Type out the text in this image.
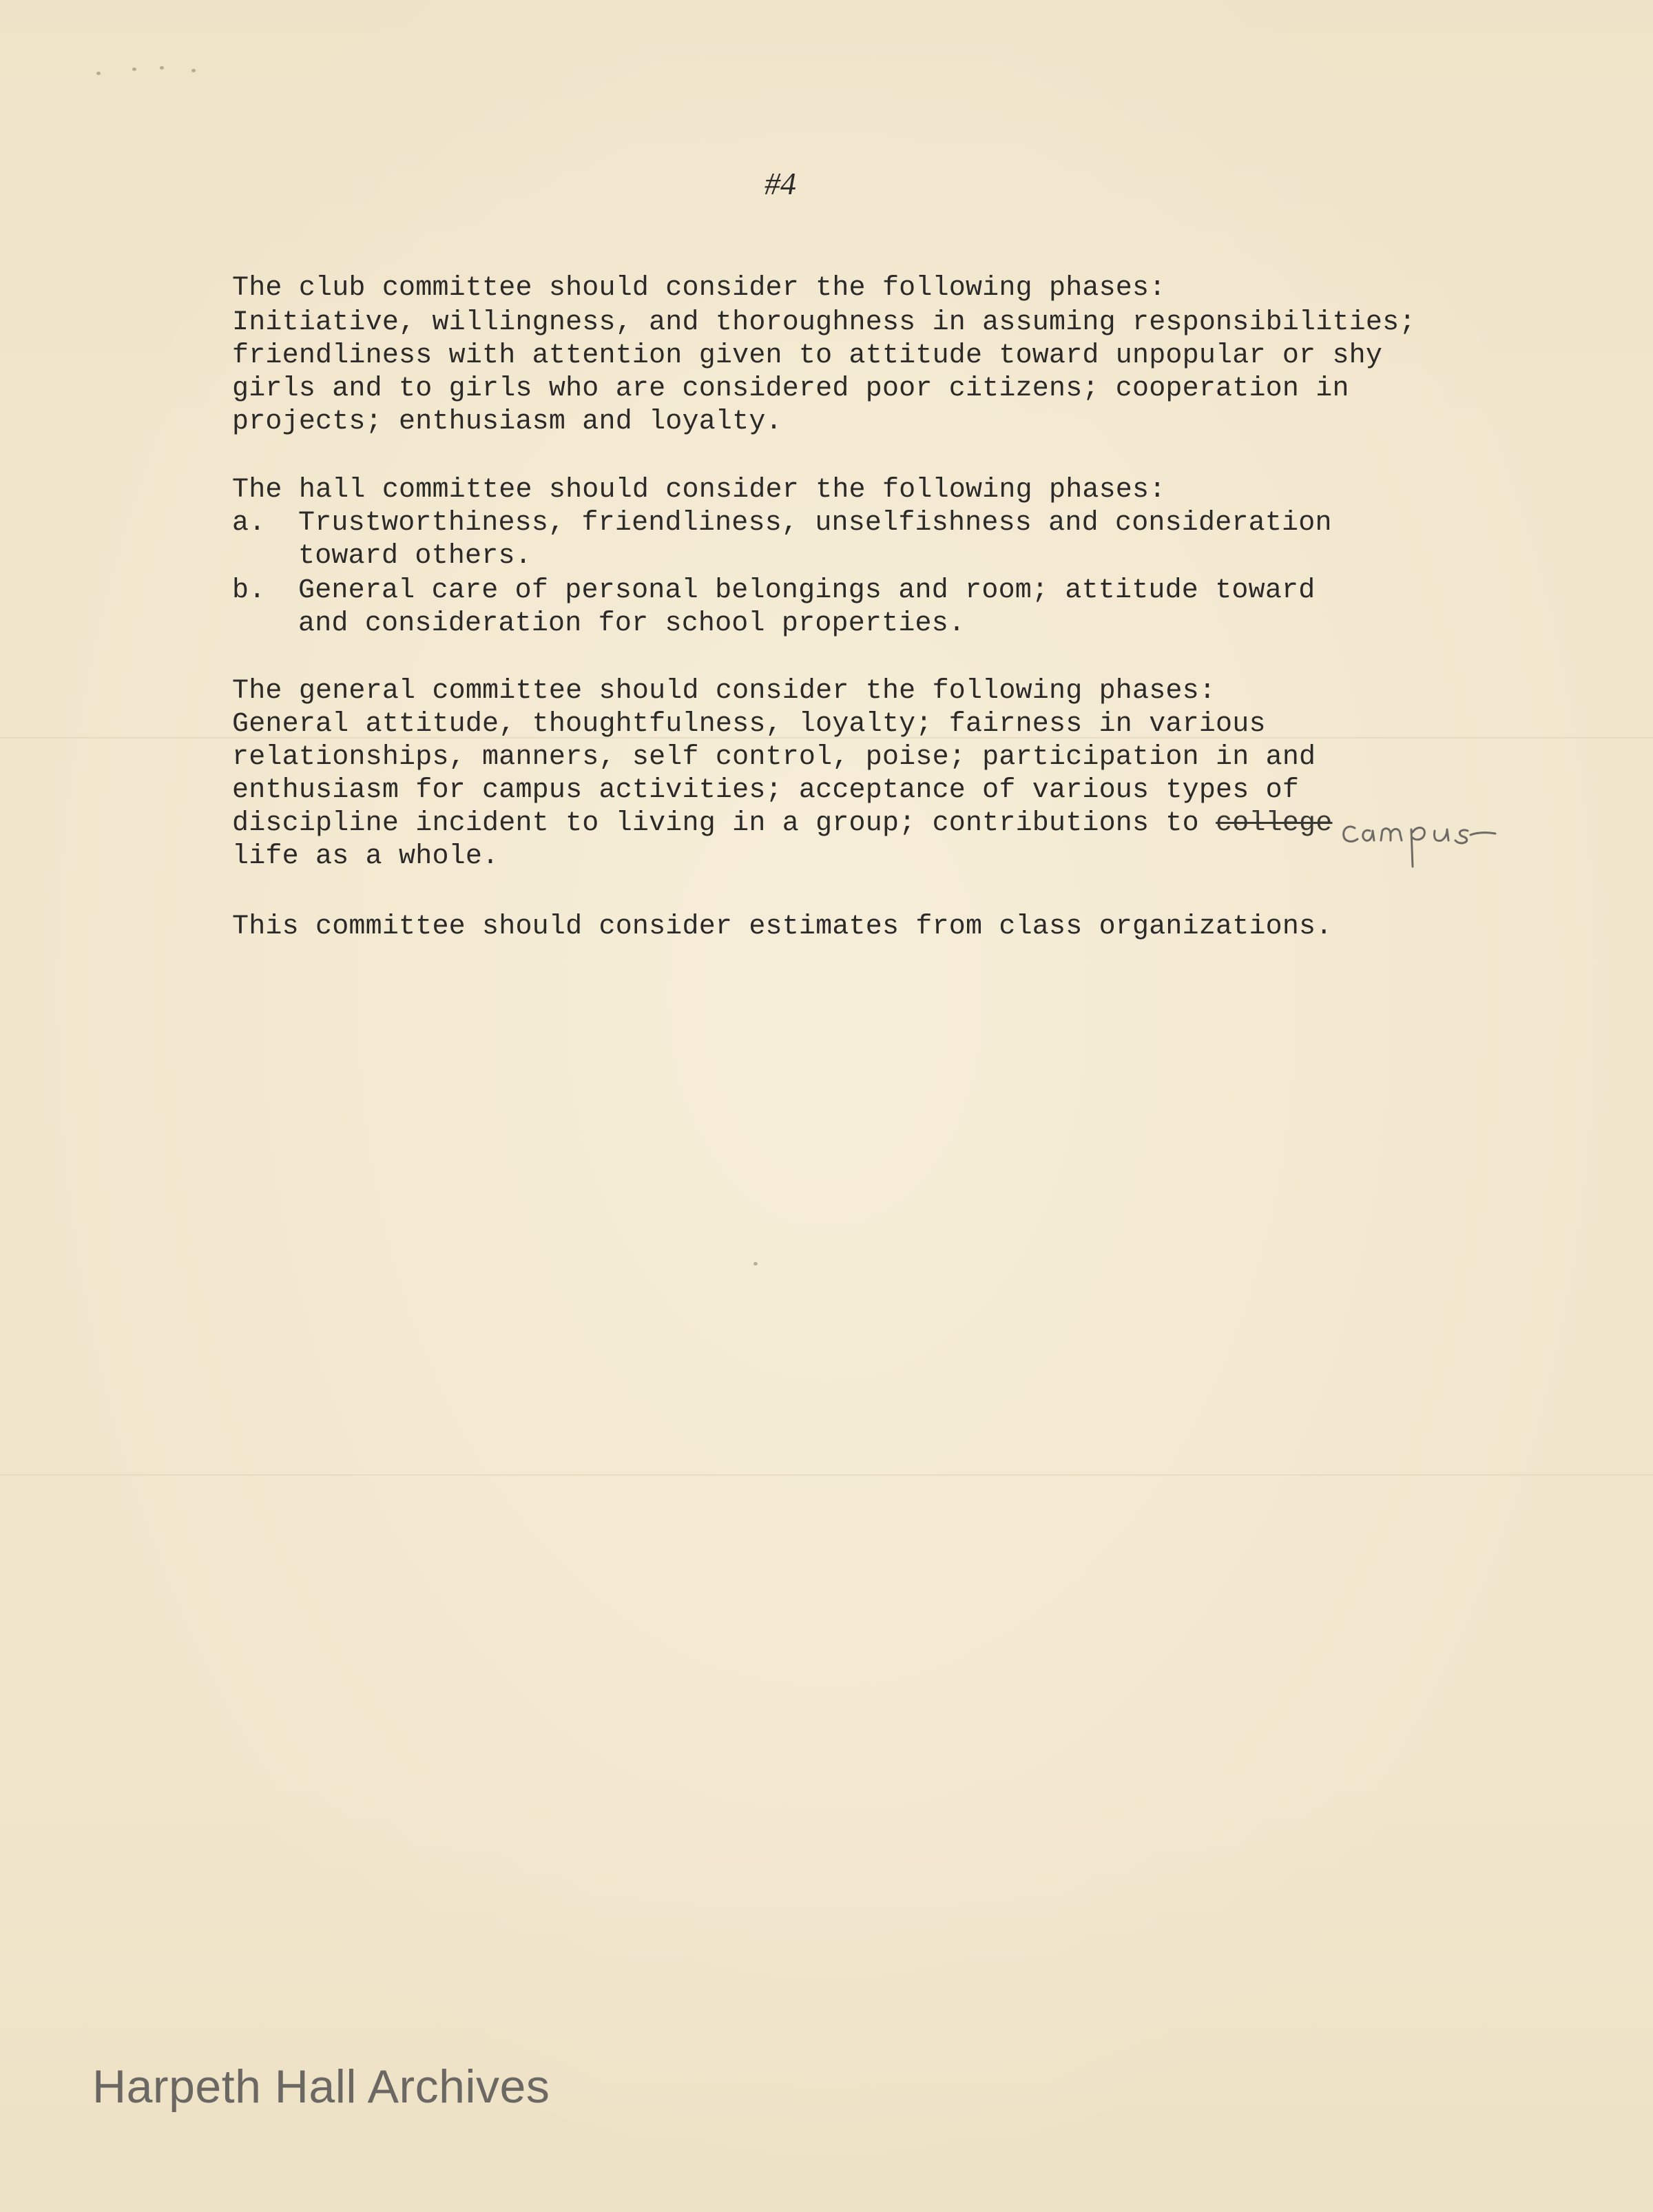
#4
The club committee should consider the following phases:
Initiative, willingness, and thoroughness in assuming responsibilities;
friendliness with attention given to attitude toward unpopular or shy
girls and to girls who are considered poor citizens; cooperation in
projects; enthusiasm and loyalty.
The hall committee should consider the following phases:
a. Trustworthiness, friendliness, unselfishness and consideration
toward others.
b. General care of personal belongings and room; attitude toward
and consideration for school properties.
The general committee should consider the following phases:
General attitude, thoughtfulness, loyalty; fairness in various
relationships, manners, self control, poise; participation in and
enthusiasm for campus activities; acceptance of various types of
discipline incident to living in a group; contributions to college
life as a whole.
campus
This committee should consider estimates from class organizations.
Harpeth Hall Archives
